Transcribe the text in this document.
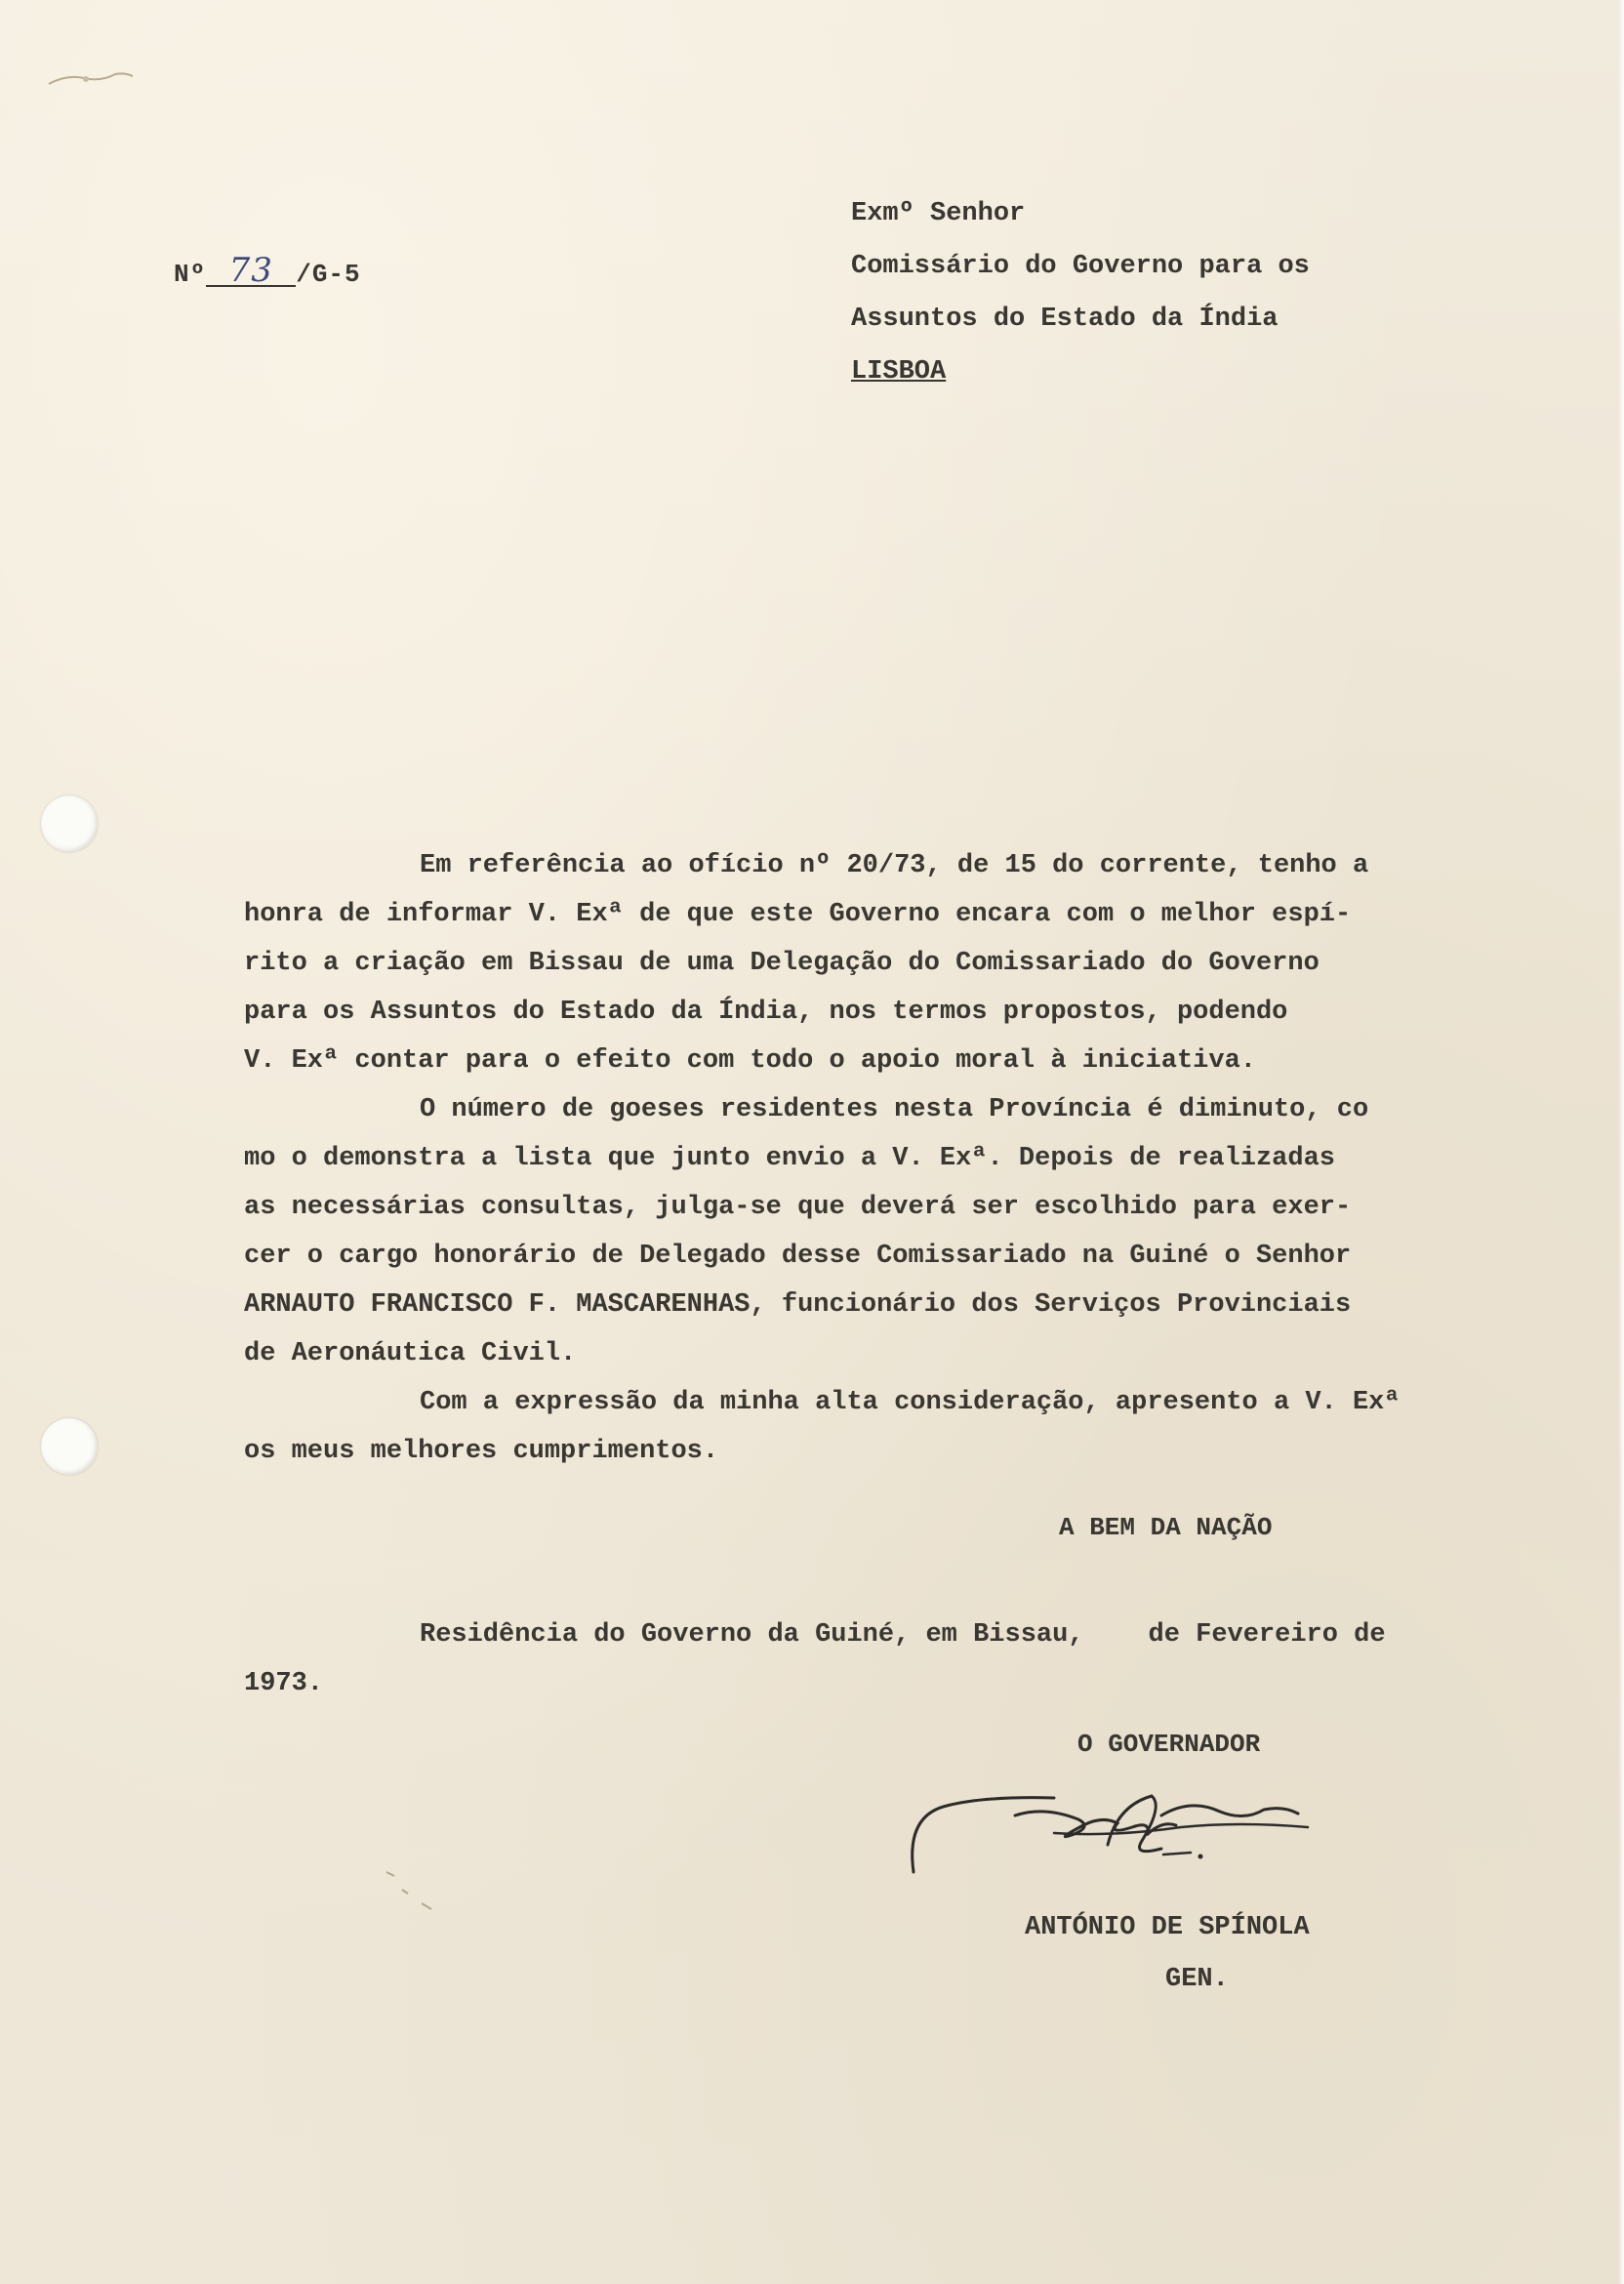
Nº 73 /G-5
Exmº Senhor
Comissário do Governo para os
Assuntos do Estado da Índia
LISBOA
Em referência ao ofício nº 20/73, de 15 do corrente, tenho a
honra de informar V. Exª de que este Governo encara com o melhor espí-
rito a criação em Bissau de uma Delegação do Comissariado do Governo
para os Assuntos do Estado da Índia, nos termos propostos, podendo
V. Exª contar para o efeito com todo o apoio moral à iniciativa.
O número de goeses residentes nesta Província é diminuto, co
mo o demonstra a lista que junto envio a V. Exª. Depois de realizadas
as necessárias consultas, julga-se que deverá ser escolhido para exer-
cer o cargo honorário de Delegado desse Comissariado na Guiné o Senhor
ARNAUTO FRANCISCO F. MASCARENHAS, funcionário dos Serviços Provinciais
de Aeronáutica Civil.
Com a expressão da minha alta consideração, apresento a V. Exª
os meus melhores cumprimentos.
A BEM DA NAÇÃO
Residência do Governo da Guiné, em Bissau, de Fevereiro de
1973.
O GOVERNADOR
ANTÓNIO DE SPÍNOLA
GEN.
